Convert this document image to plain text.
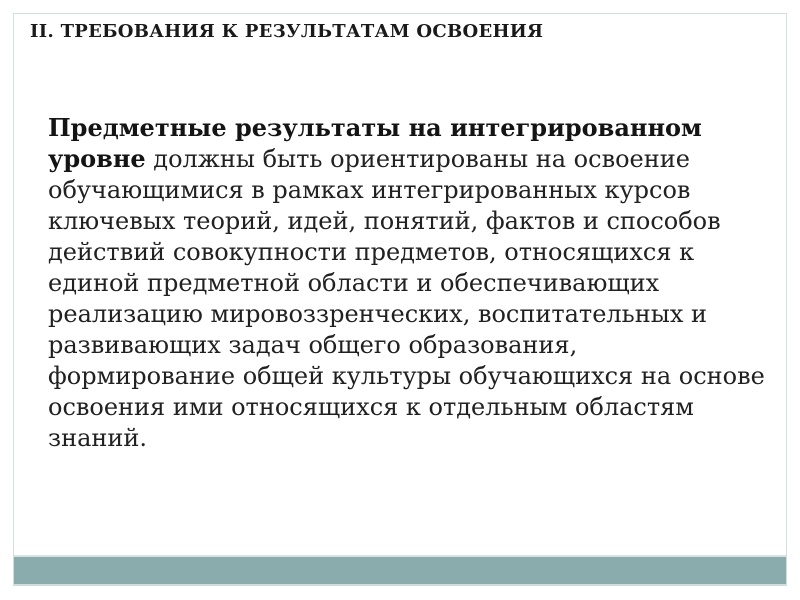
II. ТРЕБОВАНИЯ К РЕЗУЛЬТАТАМ ОСВОЕНИЯ
Предметные результаты на интегрированном
уровне должны быть ориентированы на освоение
обучающимися в рамках интегрированных курсов
ключевых теорий, идей, понятий, фактов и способов
действий совокупности предметов, относящихся к
единой предметной области и обеспечивающих
реализацию мировоззренческих, воспитательных и
развивающих задач общего образования,
формирование общей культуры обучающихся на основе
освоения ими относящихся к отдельным областям
знаний.
